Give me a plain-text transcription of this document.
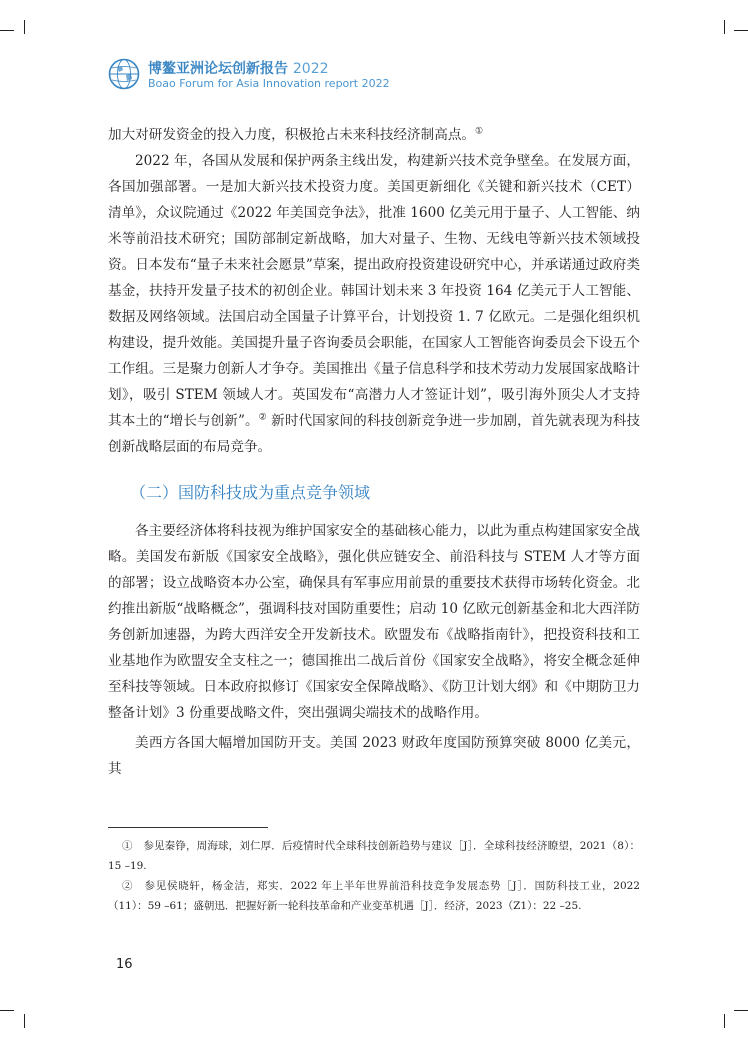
博鳌亚洲论坛创新报告 2022
Boao Forum for Asia Innovation report 2022

加大对研发资金的投入力度，积极抢占未来科技经济制高点。①

2022 年，各国从发展和保护两条主线出发，构建新兴技术竞争壁垒。在发展方面，各国加强部署。一是加大新兴技术投资力度。美国更新细化《关键和新兴技术（CET）清单》，众议院通过《2022 年美国竞争法》，批准 1600 亿美元用于量子、人工智能、纳米等前沿技术研究；国防部制定新战略，加大对量子、生物、无线电等新兴技术领域投资。日本发布“量子未来社会愿景”草案，提出政府投资建设研究中心，并承诺通过政府类基金，扶持开发量子技术的初创企业。韩国计划未来 3 年投资 164 亿美元于人工智能、数据及网络领域。法国启动全国量子计算平台，计划投资 1. 7 亿欧元。二是强化组织机构建设，提升效能。美国提升量子咨询委员会职能，在国家人工智能咨询委员会下设五个工作组。三是聚力创新人才争夺。美国推出《量子信息科学和技术劳动力发展国家战略计划》，吸引 STEM 领域人才。英国发布“高潜力人才签证计划”，吸引海外顶尖人才支持其本土的“增长与创新”。② 新时代国家间的科技创新竞争进一步加剧，首先就表现为科技创新战略层面的布局竞争。

（二）国防科技成为重点竞争领域

各主要经济体将科技视为维护国家安全的基础核心能力，以此为重点构建国家安全战略。美国发布新版《国家安全战略》，强化供应链安全、前沿科技与 STEM 人才等方面的部署；设立战略资本办公室，确保具有军事应用前景的重要技术获得市场转化资金。北约推出新版“战略概念”，强调科技对国防重要性；启动 10 亿欧元创新基金和北大西洋防务创新加速器，为跨大西洋安全开发新技术。欧盟发布《战略指南针》，把投资科技和工业基地作为欧盟安全支柱之一；德国推出二战后首份《国家安全战略》，将安全概念延伸至科技等领域。日本政府拟修订《国家安全保障战略》、《防卫计划大纲》和《中期防卫力整备计划》3 份重要战略文件，突出强调尖端技术的战略作用。

美西方各国大幅增加国防开支。美国 2023 财政年度国防预算突破 8000 亿美元，其

①　参见秦铮，周海球，刘仁厚．后疫情时代全球科技创新趋势与建议［J］．全球科技经济瞭望，2021（8）：15 –19.

②　参见侯晓轩，杨金洁，郑实．2022 年上半年世界前沿科技竞争发展态势［J］．国防科技工业，2022（11）：59 –61；盛朝迅．把握好新一轮科技革命和产业变革机遇［J］．经济，2023（Z1）：22 –25.

16
